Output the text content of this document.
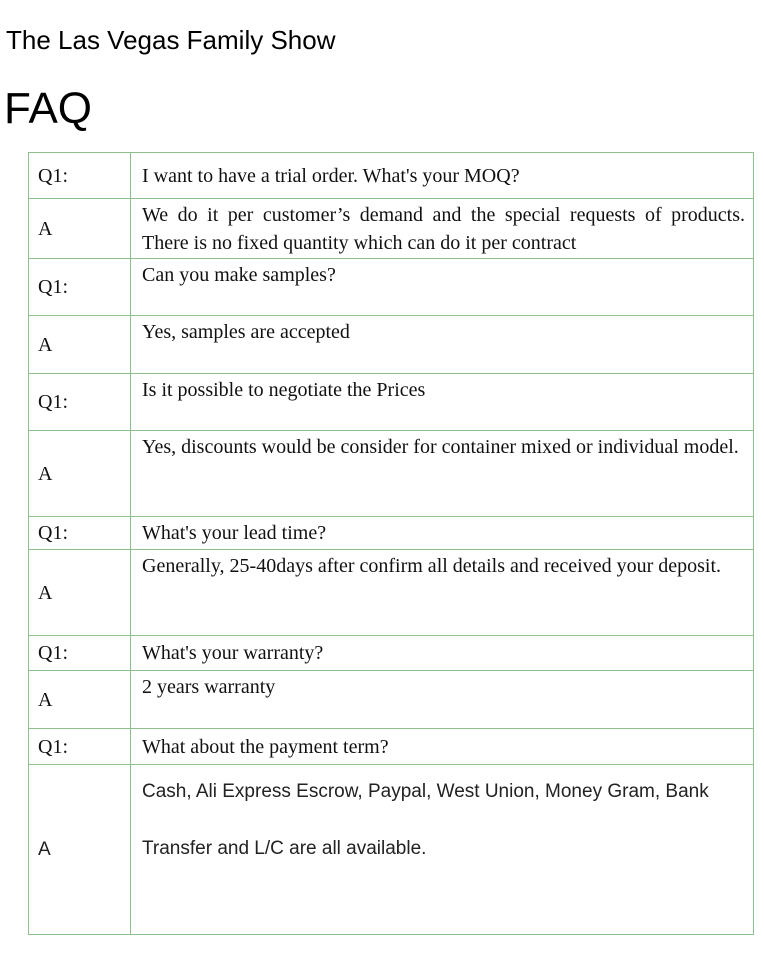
The Las Vegas Family Show
FAQ
Q1:	I want to have a trial order. What's your MOQ?
A	We do it per customer’s demand and the special requests of products. There is no fixed quantity which can do it per contract
Q1:	Can you make samples?
A	Yes, samples are accepted
Q1:	Is it possible to negotiate the Prices
A	Yes, discounts would be consider for container mixed or individual model.
Q1:	What's your lead time?
A	Generally, 25-40days after confirm all details and received your deposit.
Q1:	What's your warranty?
A	2 years warranty
Q1:	What about the payment term?
A	Cash, Ali Express Escrow, Paypal, West Union, Money Gram, Bank
Transfer and L/C are all available.
